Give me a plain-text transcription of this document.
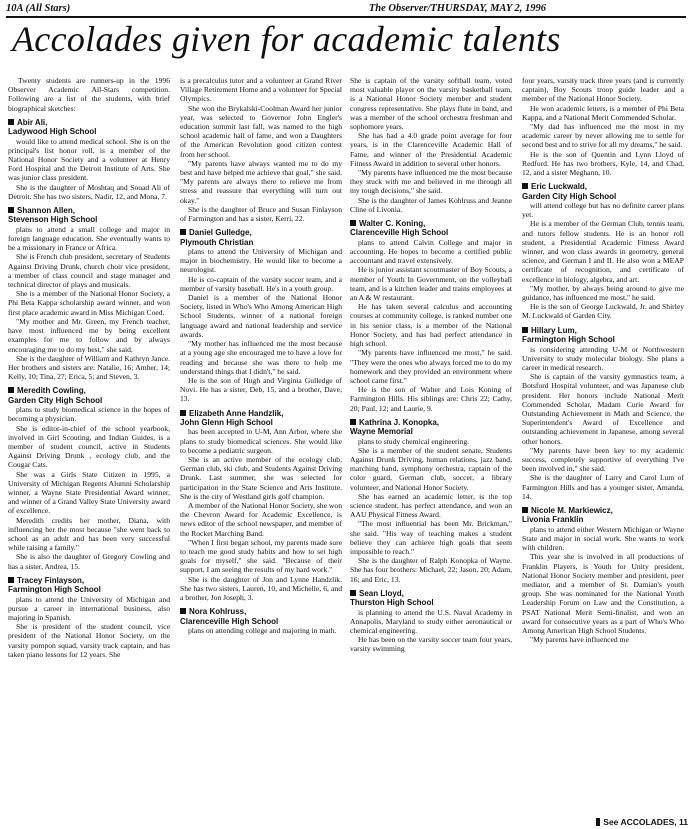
10A (All Stars)	The Observer/THURSDAY, MAY 2, 1996
Accolades given for academic talents

Twenty students are runners-up in the 1996 Observer Academic All-Stars competition. Following are a list of the students, with brief biographical sketches:

Abir Ali,
Ladywood High School

would like to attend medical school. She is on the principal's list honor roll, is a member of the National Honor Society and a volunteer at Henry Ford Hospital and the Detroit Institute of Arts. She was junior class president.

She is the daughter of Moshtaq and Souad Ali of Detroit. She has two sisters, Nadir, 12, and Mona, 7.

Shannon Allen,
Stevenson High School

plans to attend a small college and major in foreign language education. She eventually wants to be a missionary in France or Africa.

She is French club president, secretary of Students Against Driving Drunk, church choir vice president, a member of class council and stage manager and technical director of plays and musicals.

She is a member of the National Honor Society, a Phi Beta Kappa scholarship award winner, and won first place academic award in Miss Michigan Coed.

"My mother and Mr. Green, my French teacher, have most influenced me by being excellent examples for me to follow and by always encouraging me to do my best," she said.

She is the daughter of William and Kathryn Jance. Her brothers and sisters are: Natalie, 16; Amber, 14; Kelly, 10; Tina, 27; Erica, 5; and Steven, 3.

Meredith Cowling,
Garden City High School

plans to study biomedical science in the hopes of becoming a physician.

She is editor-in-chief of the school yearbook, involved in Girl Scouting, and Indian Guides, is a member of student council, active in Students Against Driving Drunk , ecology club, and the Cougar Cats.

She was a Girls State Citizen in 1995, a University of Michigan Regents Alumni Scholarship winner, a Wayne State Presidential Award winner, and winner of a Grand Valley State University award of excellence.

Meredith credits her mother, Diana, with influencing her the most because "she went back to school as an adult and has been very successful while raising a family."

She is also the daughter of Gregory Cowling and has a sister, Andrea, 15.

Tracey Finlayson,
Farmington High School

plans to attend the University of Michigan and pursue a career in international business, also majoring in Spanish.

She is president of the student council, vice president of the National Honor Society, on the varsity pompon squad, varsity track captain, and has taken piano lessons for 12 years. She

is a precalculus tutor and a volunteer at Grand River Village Retirement Home and a volunteer for Special Olympics.

She won the Brykalski-Coolman Award her junior year, was selected to Governor John Engler's education summit last fall, was named to the high school academic hall of fame, and won a Daughters of the American Revolution good citizen contest from her school.

"My parents have always wanted me to do my best and have helped me achieve that goal," she said. "My parents are always there to relieve me from stress and reassure that everything will turn out okay."

She is the daughter of Bruce and Susan Finlayson of Farmington and has a sister, Kerri, 22.

Daniel Gulledge,
Plymouth Christian

plans to attend the University of Michigan and major in biochemistry. He would like to become a neurologist.

He is co-captain of the varsity soccer team, and a member of varsity baseball. He's in a youth group.

Daniel is a member of the National Honor Society, listed in Who's Who Among American High School Students, winner of a national foreign language award and national leadership and service awards.

"My mother has influenced me the most because at a young age she encouraged me to have a love for reading and because she was there to help me understand things that I didn't," he said.

He is the son of Hugh and Virginia Gulledge of Novi. He has a sister, Deb, 15, and a brother, Dave, 13.

Elizabeth Anne Handzlik,
John Glenn High School

has been accepted to U-M, Ann Arbor, where she plans to study biomedical sciences. She would like to become a pediatric surgeon.

She is an active member of the ecology club, German club, ski club, and Students Against Driving Drunk. Last summer, she was selected for participation in the State Science and Arts Institute. She is the city of Westland girls golf champion.

A member of the National Honor Society, she won the Chevron Award for Academic Excellence, is news editor of the school newspaper, and member of the Rocket Marching Band.

"When I first began school, my parents made sure to teach me good study habits and how to set high goals for myself," she said. "Because of their support, I am seeing the results of my hard work."

She is the daughter of Jon and Lynne Handzlik. She has two sisters, Lauren, 10, and Michelle, 6, and a brother, Jon Joseph, 3.

Nora Kohlruss,
Clarenceville High School

plans on attending college and majoring in math.

She is captain of the varsity softball team, voted most valuable player on the varsity basketball team, is a National Honor Society member and student congress representative. She plays flute in band, and was a member of the school orchestra freshman and sophomore years.

She has had a 4.0 grade point average for four years, is in the Clarenceville Academic Hall of Fame, and winner of the Presidential Academic Fitness Award in addition to several other honors.

"My parents have influenced me the most because they stuck with me and believed in me through all my tough decisions," she said.

She is the daughter of James Kohlruss and Jeanne Cline of Livonia.

Walter C. Koning,
Clarenceville High School

plans to attend Calvin College and major in accounting. He hopes to become a certified public accountant and travel extensively.

He is junior assistant scoutmaster of Boy Scouts, a member of Youth In Government, on the volleyball team, and is a kitchen leader and trains employees at an A & W restaurant.

He has taken several calculus and accounting courses at community college, is ranked number one in his senior class, is a member of the National Honor Society, and has had perfect attendance in high school.

"My parents have influenced me most," he said. "They were the ones who always forced me to do my homework and they provided an environment where school came first."

He is the son of Walter and Lois Koning of Farmington Hills. His siblings are: Chris 22; Cathy, 20; Paul, 12; and Laurie, 9.

Kathrina J. Konopka,
Wayne Memorial

plans to study chemical engineering.

She is a member of the student senate, Students Against Drunk Driving, human relations, jazz band, marching band, symphony orchestra, captain of the color guard, German club, soccer, a library volunteer, and National Honor Society.

She has earned an academic letter, is the top science student, has perfect attendance, and won an AAU Physical Fitness Award.

"The most influential has been Mr. Brickman," she said. "His way of teaching makes a student believe they can achieve high goals that seem impossible to reach."

She is the daughter of Ralph Konopka of Wayne. She has four brothers: Michael, 22; Jason, 20; Adam, 16; and Eric, 13.

Sean Lloyd,
Thurston High School

is planning to attend the U.S. Naval Academy in Annapolis, Maryland to study either aeronautical or chemical engineering.

He has been on the varsity soccer team four years, varsity swimming

four years, varsity track three years (and is currently captain), Boy Scouts troop guide leader and a member of the National Honor Society.

He won academic letters, is a member of Phi Beta Kappa, and a National Merit Commended Scholar.

"My dad has influenced me the most in my academic career by never allowing me to settle for second best and to strive for all my dreams," he said.

He is the son of Quentin and Lynn Lloyd of Redford. He has two brothers, Kyle, 14, and Chad, 12, and a sister Meghann, 10.

Eric Luckwald,
Garden City High School

will attend college but has no definite career plans yet.

He is a member of the German Club, tennis team, and tutors fellow students. He is an honor roll student, a Presidential Academic Fitness Award winner, and won class awards in geometry, general science, and German I and II. He also won a MEAP certificate of recognition, and certificate of excellence in biology, algebra, and art.

"My mother, by always being around to give me guidance, has influenced me most," he said.

He is the son of George Luckwald, Jr. and Shirley M. Luckwald of Garden City.

Hillary Lum,
Farmington High School

is considering attending U-M or Northwestern University to study molecular biology. She plans a career in medical research.

She is captain of the varsity gymnastics team, a Botsford Hospital volunteer, and was Japanese club president. Her honors include National Merit Commended Scholar, Madam Curie Award for Outstanding Achievement in Math and Science, the Superintendent's Award of Excellence and outstanding achievement in Japanese, among several other honors.

"My parents have been key to my academic success, completely supportive of everything I've been involved in," she said.

She is the daughter of Larry and Carol Lum of Farmington Hills and has a younger sister, Amanda, 14.

Nicole M. Markiewicz,
Livonia Franklin

plans to attend either Western Michigan or Wayne State and major in social work. She wants to work with children.

This year she is involved in all productions of Franklin Players, is Youth for Unity president, National Honor Society member and president, peer mediator, and a member of St. Damian's youth group. She was nominated for the National Youth Leadership Forum on Law and the Constitution, a PSAT National Merit Semi-finalist, and won an award for consecutive years as a part of Who's Who Among American High School Students.

"My parents have influenced me

See ACCOLADES, 11
